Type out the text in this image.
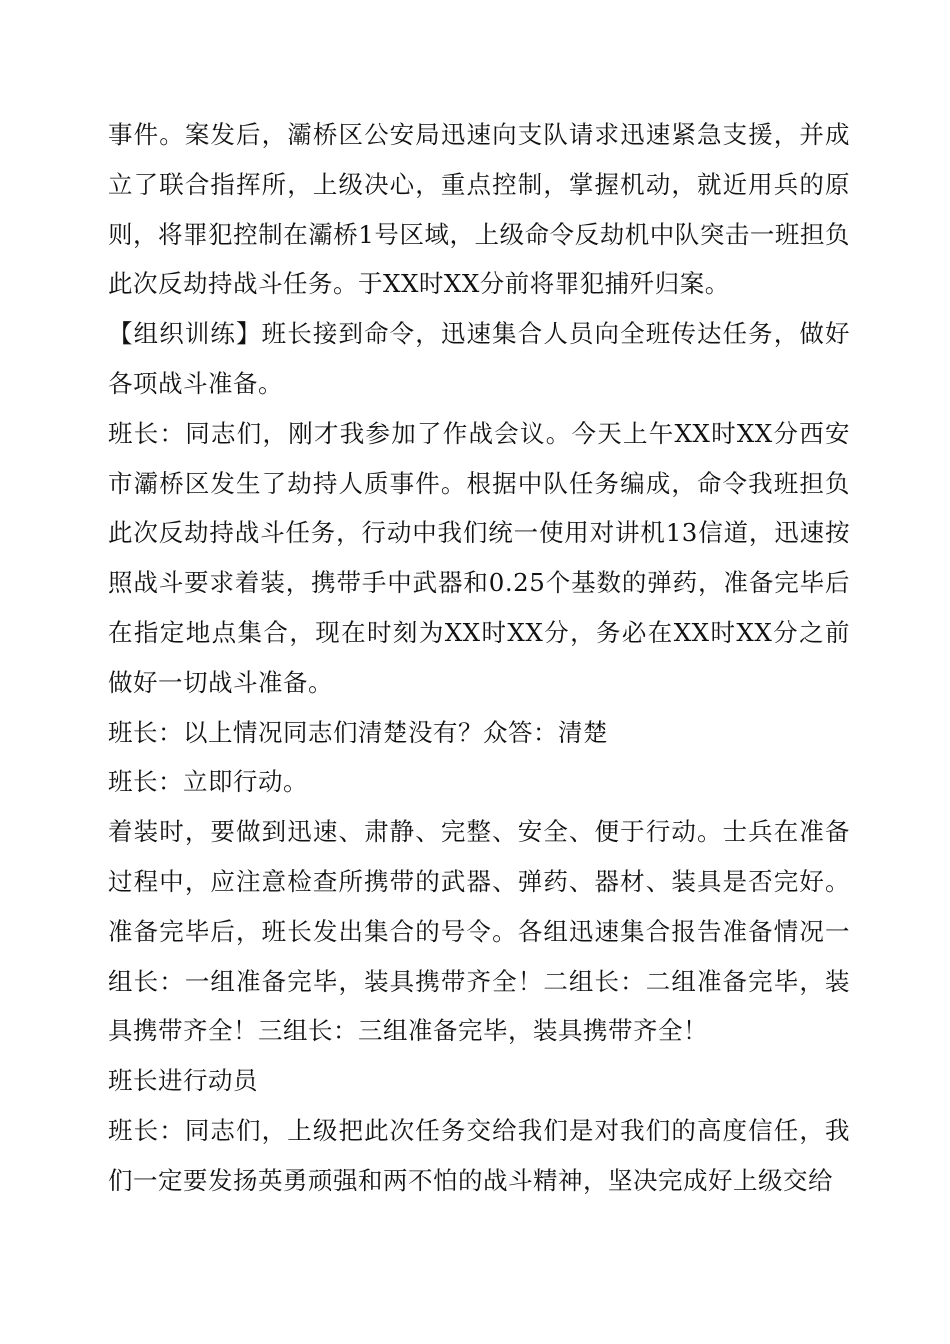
事件。案发后，灞桥区公安局迅速向支队请求迅速紧急支援，并成立了联合指挥所，上级决心，重点控制，掌握机动，就近用兵的原则，将罪犯控制在灞桥1号区域，上级命令反劫机中队突击一班担负此次反劫持战斗任务。于XX时XX分前将罪犯捕歼归案。

【组织训练】班长接到命令，迅速集合人员向全班传达任务，做好各项战斗准备。

班长：同志们，刚才我参加了作战会议。今天上午XX时XX分西安市灞桥区发生了劫持人质事件。根据中队任务编成，命令我班担负此次反劫持战斗任务，行动中我们统一使用对讲机13信道，迅速按照战斗要求着装，携带手中武器和0.25个基数的弹药，准备完毕后在指定地点集合，现在时刻为XX时XX分，务必在XX时XX分之前做好一切战斗准备。

班长：以上情况同志们清楚没有？众答：清楚

班长：立即行动。

着装时，要做到迅速、肃静、完整、安全、便于行动。士兵在准备过程中，应注意检查所携带的武器、弹药、器材、装具是否完好。准备完毕后，班长发出集合的号令。各组迅速集合报告准备情况一组长：一组准备完毕，装具携带齐全！二组长：二组准备完毕，装具携带齐全！三组长：三组准备完毕，装具携带齐全！

班长进行动员

班长：同志们，上级把此次任务交给我们是对我们的高度信任，我们一定要发扬英勇顽强和两不怕的战斗精神，坚决完成好上级交给
